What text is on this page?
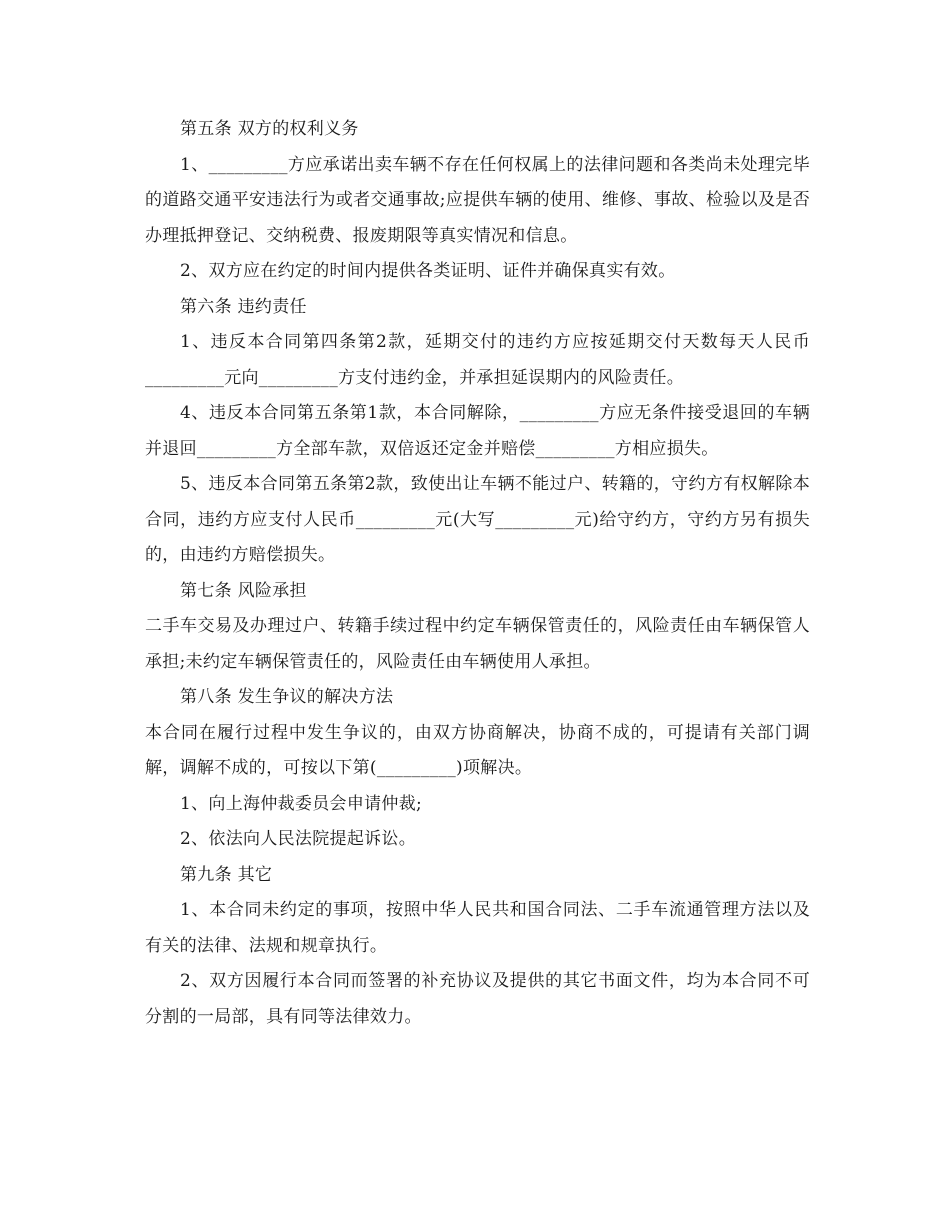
第五条 双方的权利义务

1、_________方应承诺出卖车辆不存在任何权属上的法律问题和各类尚未处理完毕的道路交通平安违法行为或者交通事故;应提供车辆的使用、维修、事故、检验以及是否办理抵押登记、交纳税费、报废期限等真实情况和信息。

2、双方应在约定的时间内提供各类证明、证件并确保真实有效。

第六条 违约责任

1、违反本合同第四条第2款，延期交付的违约方应按延期交付天数每天人民币_________元向_________方支付违约金，并承担延误期内的风险责任。

4、违反本合同第五条第1款，本合同解除，_________方应无条件接受退回的车辆并退回_________方全部车款，双倍返还定金并赔偿_________方相应损失。

5、违反本合同第五条第2款，致使出让车辆不能过户、转籍的，守约方有权解除本合同，违约方应支付人民币_________元(大写_________元)给守约方，守约方另有损失的，由违约方赔偿损失。

第七条 风险承担

二手车交易及办理过户、转籍手续过程中约定车辆保管责任的，风险责任由车辆保管人承担;未约定车辆保管责任的，风险责任由车辆使用人承担。

第八条 发生争议的解决方法

本合同在履行过程中发生争议的，由双方协商解决，协商不成的，可提请有关部门调解，调解不成的，可按以下第(_________)项解决。

1、向上海仲裁委员会申请仲裁;

2、依法向人民法院提起诉讼。

第九条 其它

1、本合同未约定的事项，按照中华人民共和国合同法、二手车流通管理方法以及有关的法律、法规和规章执行。

2、双方因履行本合同而签署的补充协议及提供的其它书面文件，均为本合同不可分割的一局部，具有同等法律效力。
